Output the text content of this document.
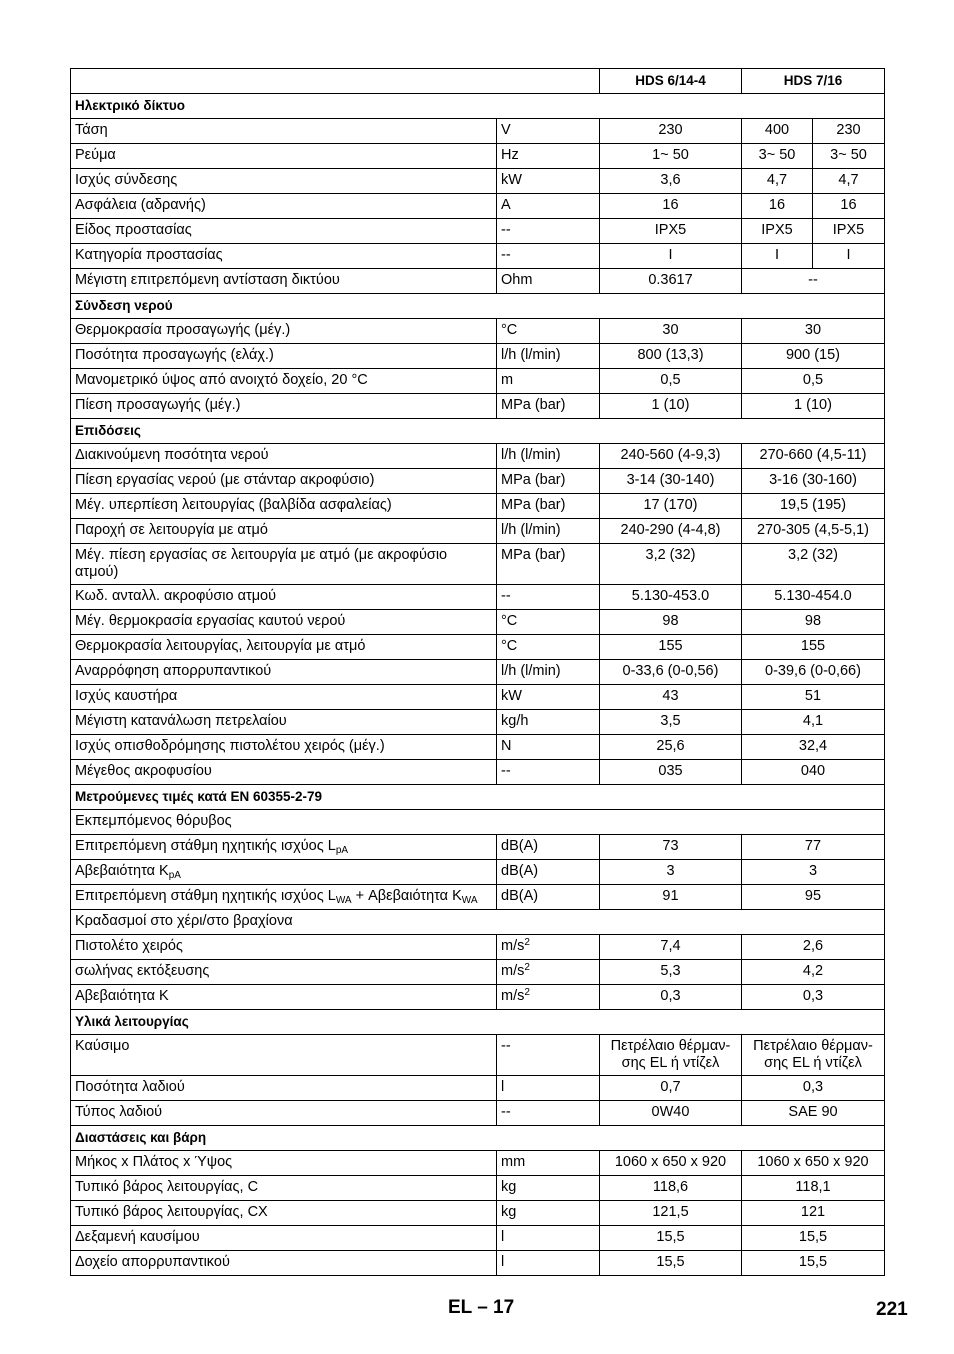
		HDS 6/14-4	HDS 7/16	
Ηλεκτρικό δίκτυο				
Τάση	V	230	400	230
Ρεύμα	Hz	1~ 50	3~ 50	3~ 50
Ισχύς σύνδεσης	kW	3,6	4,7	4,7
Ασφάλεια (αδρανής)	A	16	16	16
Είδος προστασίας	--	IPX5	IPX5	IPX5
Κατηγορία προστασίας	--	I	I	I
Μέγιστη επιτρεπόμενη αντίσταση δικτύου	Ohm	0.3617	--	
Σύνδεση νερού				
Θερμοκρασία προσαγωγής (μέγ.)	°C	30	30	
Ποσότητα προσαγωγής (ελάχ.)	l/h (l/min)	800 (13,3)	900 (15)	
Μανομετρικό ύψος από ανοιχτό δοχείο, 20 °C	m	0,5	0,5	
Πίεση προσαγωγής (μέγ.)	MPa (bar)	1 (10)	1 (10)	
Επιδόσεις				
Διακινούμενη ποσότητα νερού	l/h (l/min)	240-560 (4-9,3)	270-660 (4,5-11)	
Πίεση εργασίας νερού (με στάνταρ ακροφύσιο)	MPa (bar)	3-14 (30-140)	3-16 (30-160)	
Μέγ. υπερπίεση λειτουργίας (βαλβίδα ασφαλείας)	MPa (bar)	17 (170)	19,5 (195)	
Παροχή σε λειτουργία με ατμό	l/h (l/min)	240-290 (4-4,8)	270-305 (4,5-5,1)	
Μέγ. πίεση εργασίας σε λειτουργία με ατμό (με ακροφύσιο ατμού)	MPa (bar)	3,2 (32)	3,2 (32)	
Κωδ. ανταλλ. ακροφύσιο ατμού	--	5.130-453.0	5.130-454.0	
Μέγ. θερμοκρασία εργασίας καυτού νερού	°C	98	98	
Θερμοκρασία λειτουργίας, λειτουργία με ατμό	°C	155	155	
Αναρρόφηση απορρυπαντικού	l/h (l/min)	0-33,6 (0-0,56)	0-39,6 (0-0,66)	
Ισχύς καυστήρα	kW	43	51	
Μέγιστη κατανάλωση πετρελαίου	kg/h	3,5	4,1	
Ισχύς οπισθοδρόμησης πιστολέτου χειρός (μέγ.)	N	25,6	32,4	
Μέγεθος ακροφυσίου	--	035	040	
Μετρούμενες τιμές κατά EN 60355-2-79				
Εκπεμπόμενος θόρυβος				
Επιτρεπόμενη στάθμη ηχητικής ισχύος $L_{pA}$	dB(A)	73	77	
Αβεβαιότητα $K_{pA}$	dB(A)	3	3	
Επιτρεπόμενη στάθμη ηχητικής ισχύος $L_{WA} + A\beta\varepsilon\beta\alpha\iota ό\tau\eta\tau\alpha$ $K_{WA}$	dB(A)	91	95	
Κραδασμοί στο χέρι/στο βραχίονα				
Πιστολέτο χειρός	$m/s^2$	7,4	2,6	
σωλήνας εκτόξευσης	$m/s^2$	5,3	4,2	
Αβεβαιότητα K	$m/s^2$	0,3	0,3	
Υλικά λειτουργίας				
Καύσιμο	--	Πετρέλαιο θέρμαν-σης EL ή ντίζελ	Πετρέλαιο θέρμαν-σης EL ή ντίζελ	
Ποσότητα λαδιού	l	0,7	0,3	
Τύπος λαδιού	--	0W40	SAE 90	
Διαστάσεις και βάρη				
Μήκος x Πλάτος x Ύψος	mm	1060 x 650 x 920	1060 x 650 x 920	
Τυπικό βάρος λειτουργίας, C	kg	118,6	118,1	
Τυπικό βάρος λειτουργίας, CX	kg	121,5	121	
Δεξαμενή καυσίμου	l	15,5	15,5	
Δοχείο απορρυπαντικού	l	15,5	15,5	
EL – 17	221
